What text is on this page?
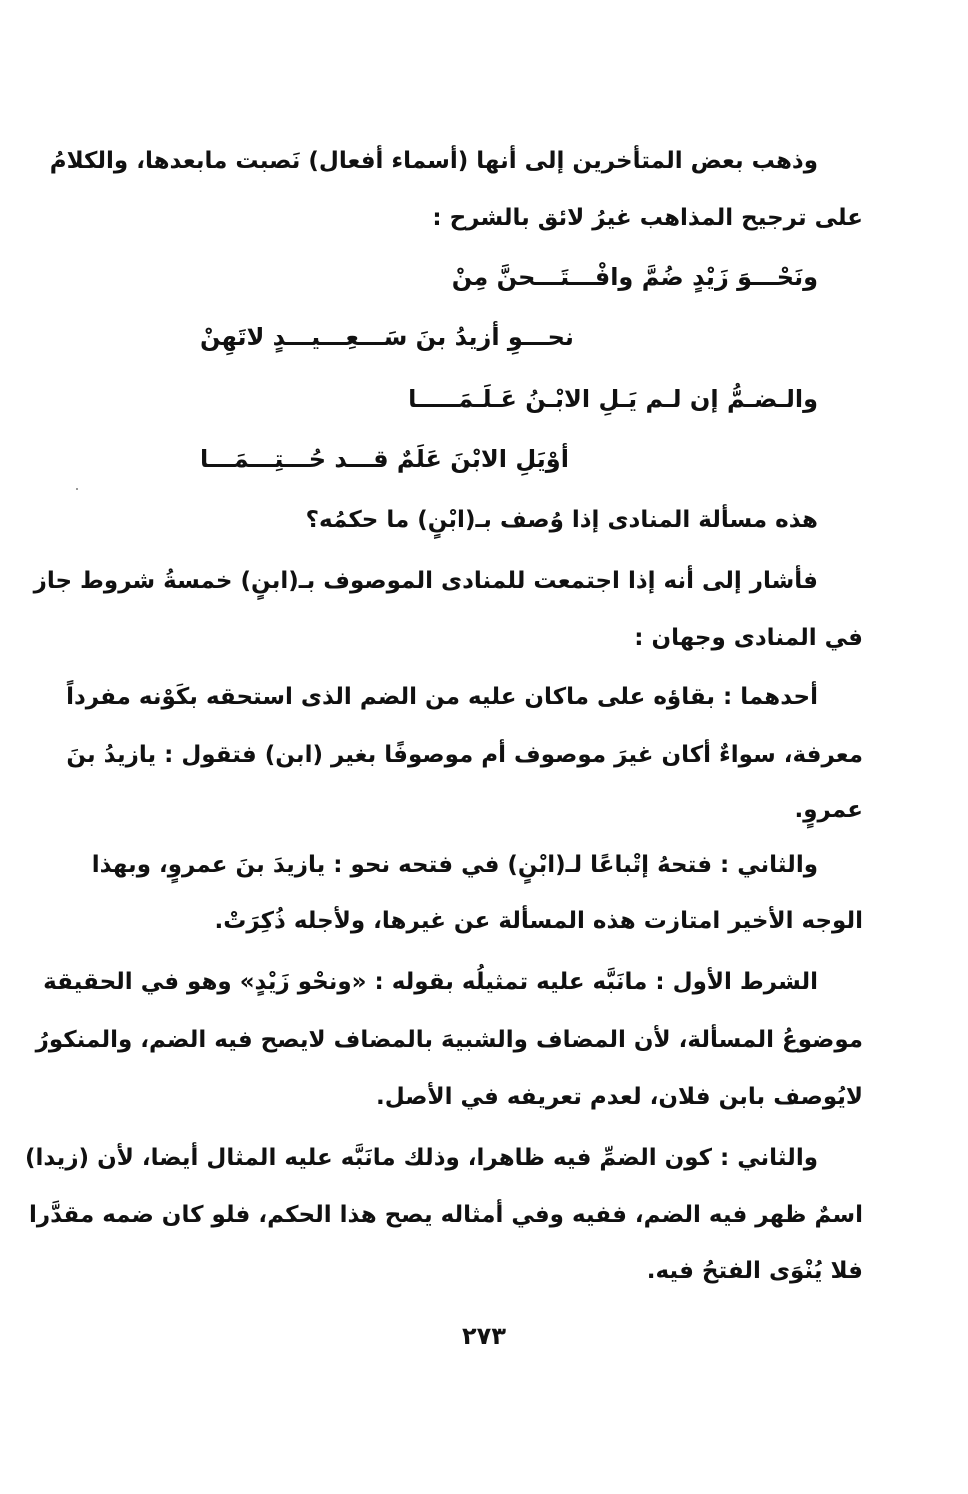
وذهب بعض المتأخرين إلى أنها (أسماء أفعال) نَصبت مابعدها، والكلامُ
على ترجيح المذاهب غيرُ لائق بالشرح :
ونَحْـــوَ زَيْدٍ ضُمَّ وافْـــتَـــحنَّ مِنْ
نحـــوِ أزيدُ بنَ سَـــعِـــيـــدٍ لاتَهِنْ
والـضـمُّ إن لـم يَـلِ الابْـنُ عَـلَـمَـــــا
أوْيَلِ الابْنَ عَلَمٌ قـــد حُـــتِـــمَـــا
هذه مسألة المنادى إذا وُصف بـ(ابْنٍ) ما حكمُه؟
فأشار إلى أنه إذا اجتمعت للمنادى الموصوف بـ(ابنٍ) خمسةُ شروط جاز
في المنادى وجهان :
أحدهما : بقاؤه على ماكان عليه من الضم الذى استحقه بكَوْنه مفرداً
معرفة، سواءٌ أكان غيرَ موصوف أم موصوفًا بغير (ابن) فتقول : يازيدُ بنَ
عمروٍ.
والثاني : فتحهُ إتْباعًا لـ(ابْنٍ) في فتحه نحو : يازيدَ بنَ عمروٍ، وبهذا
الوجه الأخير امتازت هذه المسألة عن غيرها، ولأجله ذُكِرَتْ.
الشرط الأول : مانَبَّه عليه تمثيلُه بقوله : «ونحْو زَيْدٍ» وهو في الحقيقة
موضوعُ المسألة، لأن المضاف والشبيهَ بالمضاف لايصح فيه الضم، والمنكورُ
لايُوصف بابن فلان، لعدم تعريفه في الأصل.
والثاني : كون الضمِّ فيه ظاهرا، وذلك مانَبَّه عليه المثال أيضا، لأن (زيدا)
اسمٌ ظهر فيه الضم، ففيه وفي أمثاله يصح هذا الحكم، فلو كان ضمه مقدَّرا
فلا يُنْوَى الفتحُ فيه.
٢٧٣
